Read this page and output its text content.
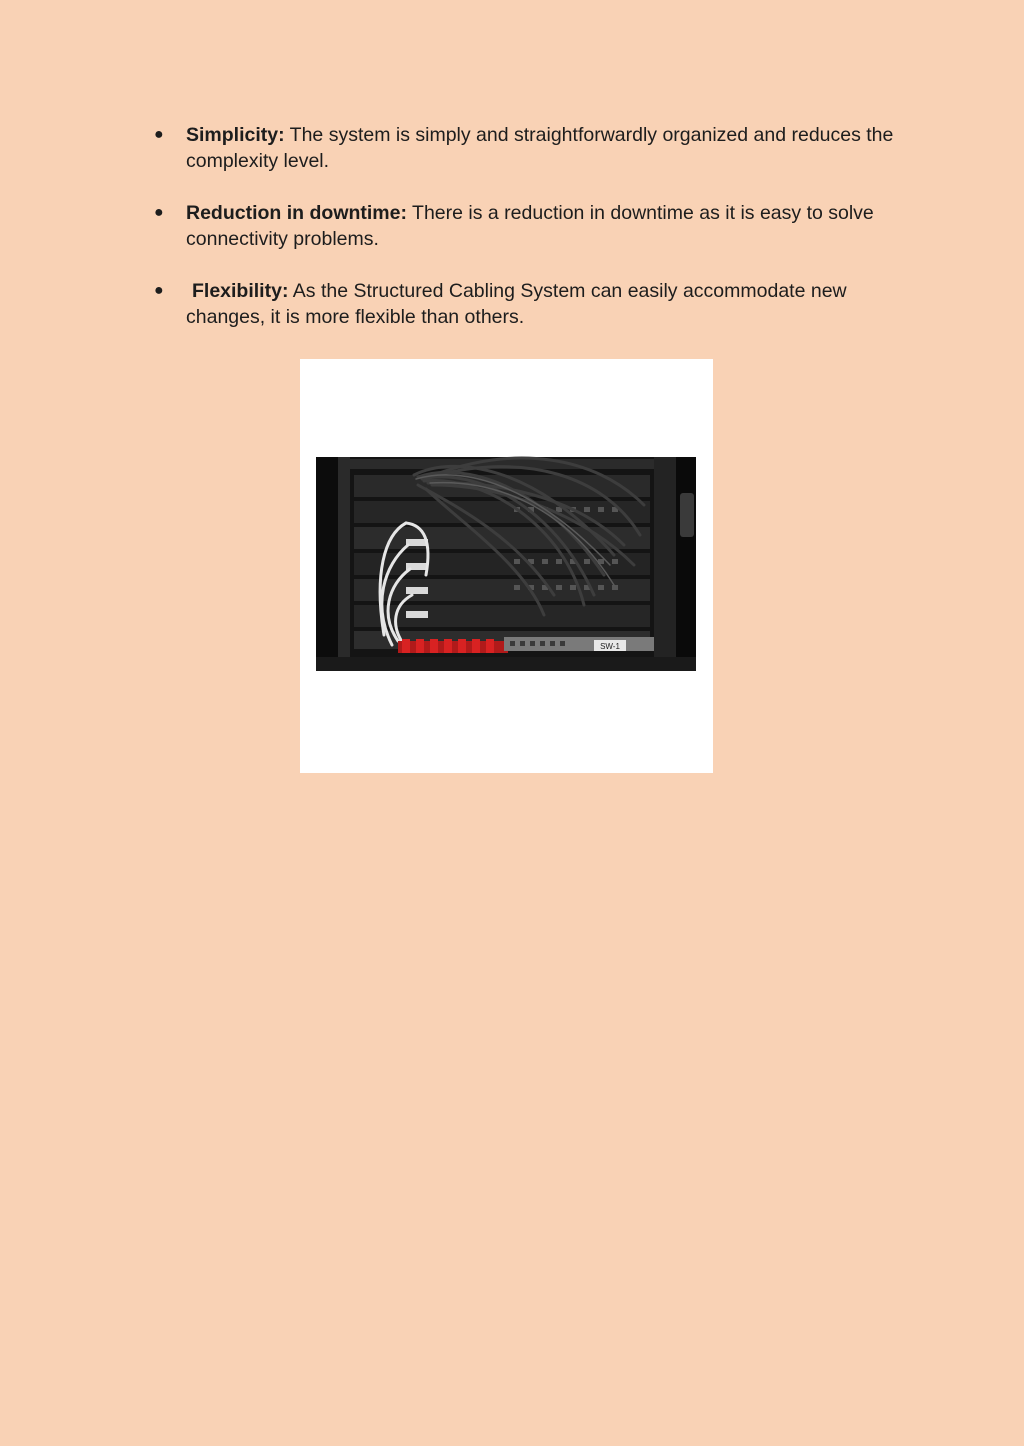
● Simplicity: The system is simply and straightforwardly organized and reduces the complexity level.
● Reduction in downtime: There is a reduction in downtime as it is easy to solve connectivity problems.
● Flexibility: As the Structured Cabling System can easily accommodate new changes, it is more flexible than others.
SW-1
